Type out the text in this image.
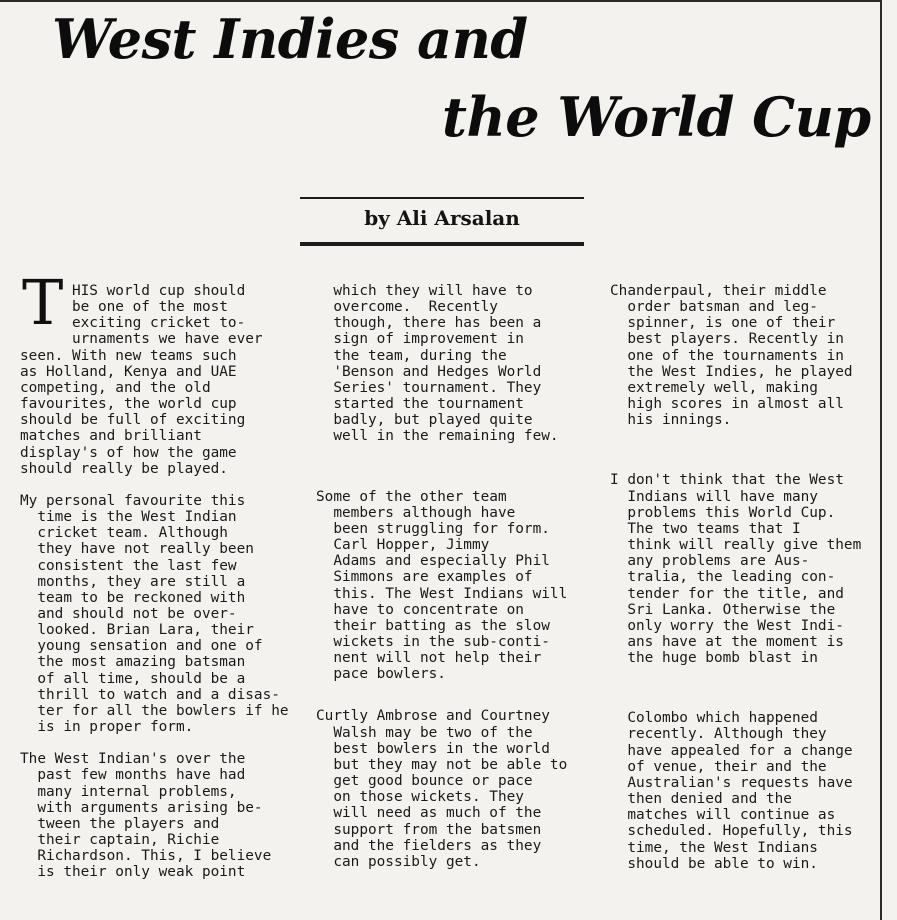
West Indies and
the World Cup
by Ali Arsalan
T

HIS world cup should

be one of the most

exciting cricket to-

urnaments we have ever

seen. With new teams such

as Holland, Kenya and UAE

competing, and the old

favourites, the world cup

should be full of exciting

matches and brilliant

display's of how the game

should really be played.

My personal favourite this

time is the West Indian

cricket team. Although

they have not really been

consistent the last few

months, they are still a

team to be reckoned with

and should not be over-

looked. Brian Lara, their

young sensation and one of

the most amazing batsman

of all time, should be a

thrill to watch and a disas-

ter for all the bowlers if he

is in proper form.

The West Indian's over the

past few months have had

many internal problems,

with arguments arising be-

tween the players and

their captain, Richie

Richardson. This, I believe

is their only weak point

which they will have to

overcome.  Recently

though, there has been a

sign of improvement in

the team, during the

'Benson and Hedges World

Series' tournament. They

started the tournament

badly, but played quite

well in the remaining few.

Some of the other team

members although have

been struggling for form.

Carl Hopper, Jimmy

Adams and especially Phil

Simmons are examples of

this. The West Indians will

have to concentrate on

their batting as the slow

wickets in the sub-conti-

nent will not help their

pace bowlers.

Curtly Ambrose and Courtney

Walsh may be two of the

best bowlers in the world

but they may not be able to

get good bounce or pace

on those wickets. They

will need as much of the

support from the batsmen

and the fielders as they

can possibly get.

Chanderpaul, their middle

order batsman and leg-

spinner, is one of their

best players. Recently in

one of the tournaments in

the West Indies, he played

extremely well, making

high scores in almost all

his innings.

I don't think that the West

Indians will have many

problems this World Cup.

The two teams that I

think will really give them

any problems are Aus-

tralia, the leading con-

tender for the title, and

Sri Lanka. Otherwise the

only worry the West Indi-

ans have at the moment is

the huge bomb blast in

Colombo which happened

recently. Although they

have appealed for a change

of venue, their and the

Australian's requests have

then denied and the

matches will continue as

scheduled. Hopefully, this

time, the West Indians

should be able to win.
